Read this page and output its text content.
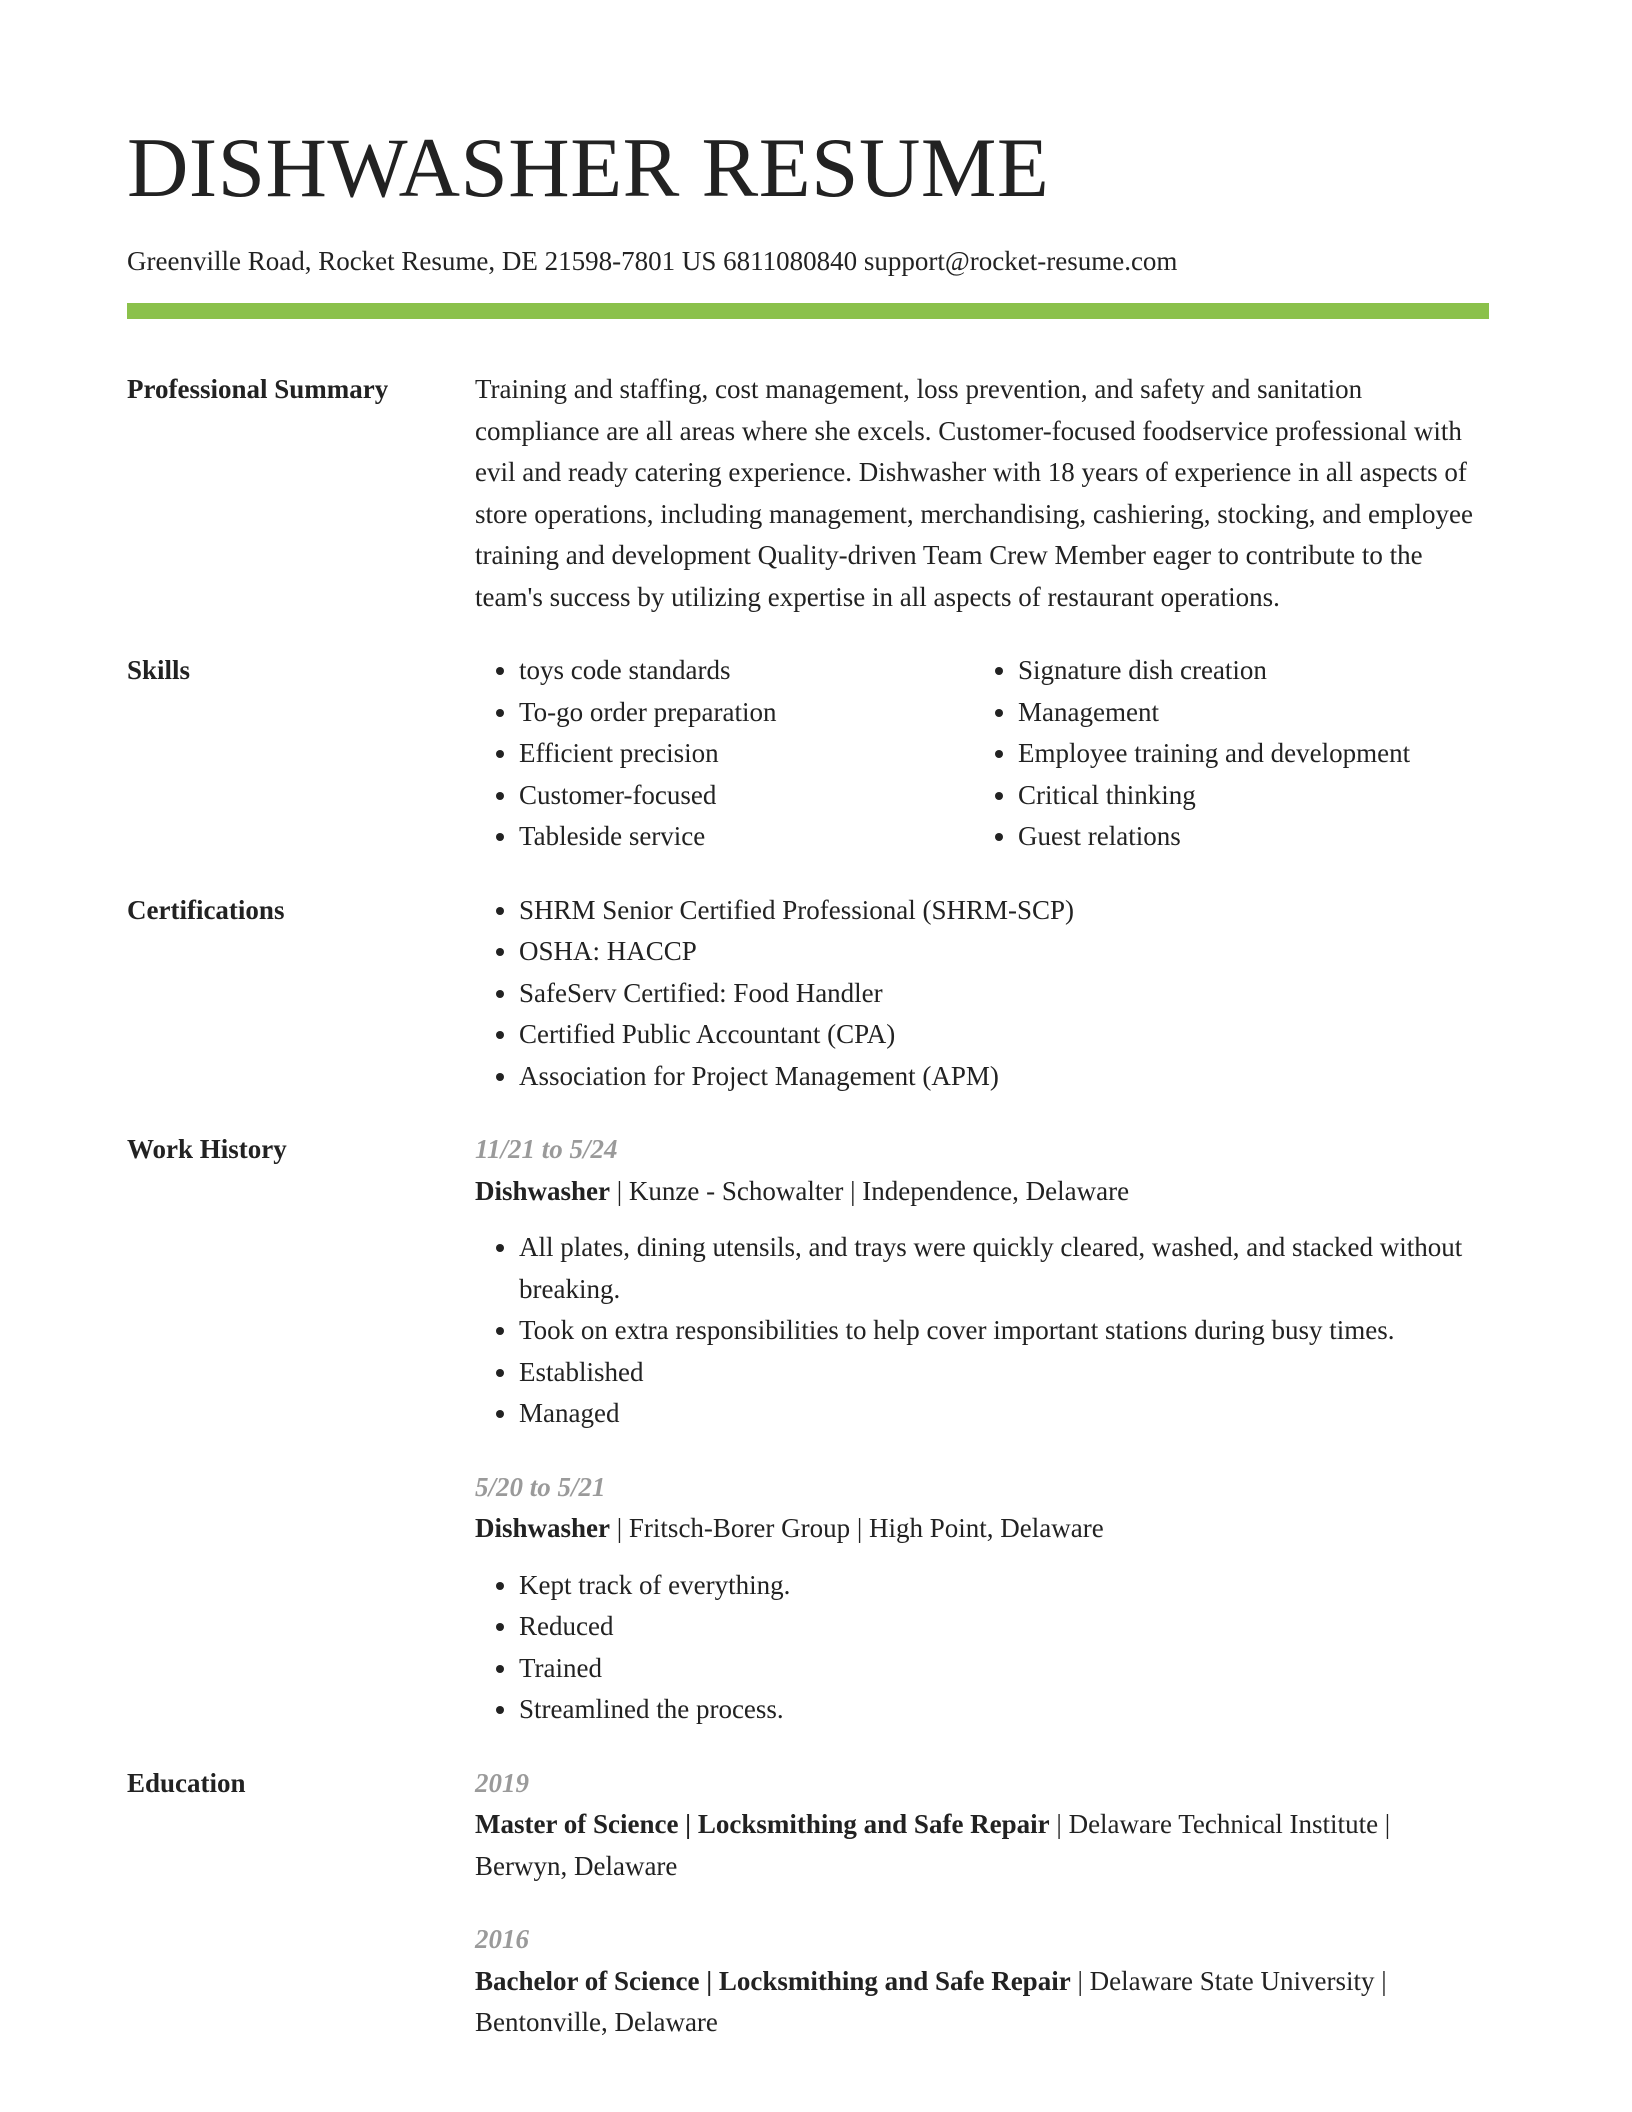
DISHWASHER RESUME
Greenville Road, Rocket Resume, DE 21598-7801 US 6811080840 support@rocket-resume.com
Professional Summary	Training and staffing, cost management, loss prevention, and safety and sanitation compliance are all areas where she excels. Customer-focused foodservice professional with evil and ready catering experience. Dishwasher with 18 years of experience in all aspects of store operations, including management, merchandising, cashiering, stocking, and employee training and development Quality-driven Team Crew Member eager to contribute to the team's success by utilizing expertise in all aspects of restaurant operations.

Skills	• toys code standards
• To-go order preparation
• Efficient precision
• Customer-focused
• Tableside service
• Signature dish creation
• Management
• Employee training and development
• Critical thinking
• Guest relations
Certifications	• SHRM Senior Certified Professional (SHRM-SCP)
• OSHA: HACCP
• SafeServ Certified: Food Handler
• Certified Public Accountant (CPA)
• Association for Project Management (APM)
Work History	11/21 to 5/24
Dishwasher | Kunze - Schowalter | Independence, Delaware
• All plates, dining utensils, and trays were quickly cleared, washed, and stacked without breaking.
• Took on extra responsibilities to help cover important stations during busy times.
• Established
• Managed
5/20 to 5/21
Dishwasher | Fritsch-Borer Group | High Point, Delaware
• Kept track of everything.
• Reduced
• Trained
• Streamlined the process.
Education	2019
Master of Science | Locksmithing and Safe Repair | Delaware Technical Institute | Berwyn, Delaware
2016
Bachelor of Science | Locksmithing and Safe Repair | Delaware State University | Bentonville, Delaware
